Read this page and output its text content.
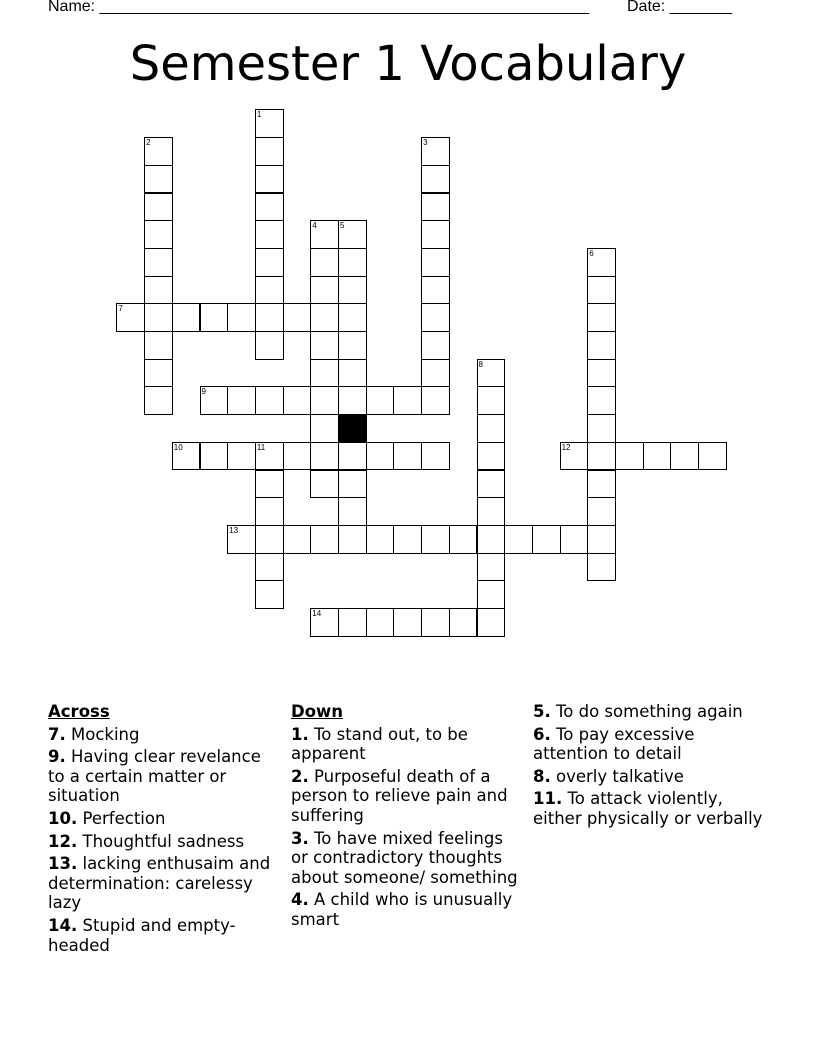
Name: _______________________________________________________ Date: _______
Semester 1 Vocabulary
1
2	3
4	5
6
7
8
9
10	11	12
13
14
Across
7. Mocking
9. Having clear revelance to a certain matter or situation
10. Perfection
12. Thoughtful sadness
13. lacking enthusaim and determination: carelessy lazy
14. Stupid and empty-headed
Down
1. To stand out, to be apparent
2. Purposeful death of a person to relieve pain and suffering
3. To have mixed feelings or contradictory thoughts about someone/ something
4. A child who is unusually smart
5. To do something again
6. To pay excessive attention to detail
8. overly talkative
11. To attack violently, either physically or verbally
